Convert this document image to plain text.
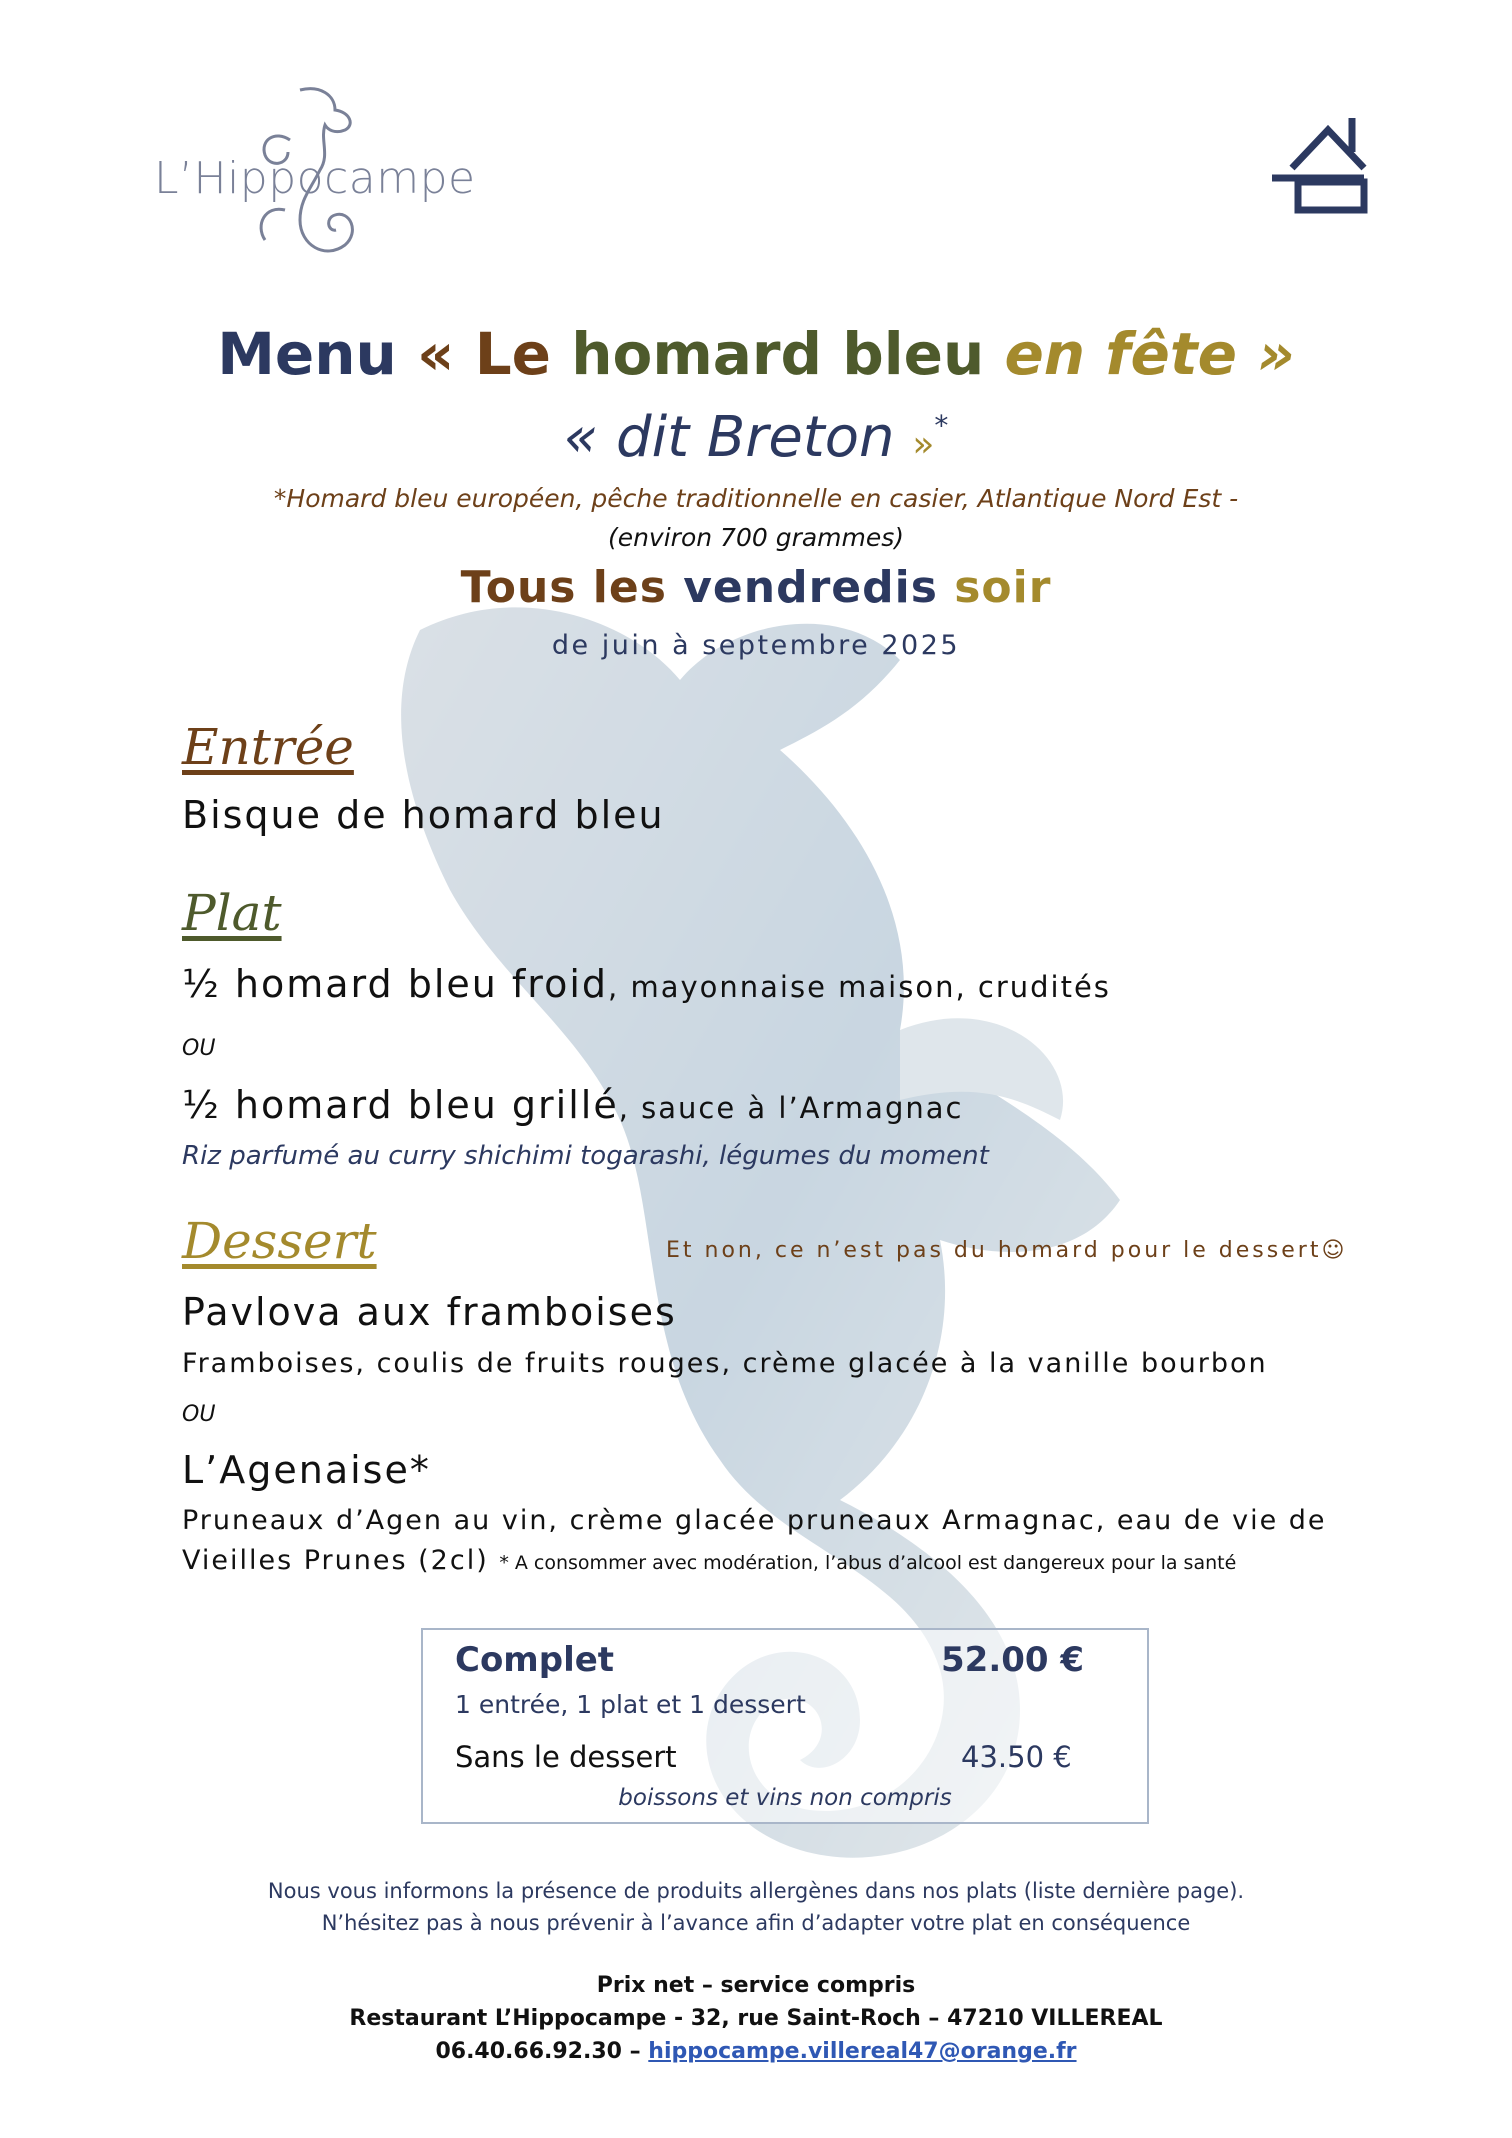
L’Hippocampe
Menu « Le homard bleu en fête »
« dit Breton »*
*Homard bleu européen, pêche traditionnelle en casier, Atlantique Nord Est -
(environ 700 grammes)
Tous les vendredis soir
de juin à septembre 2025
Entrée
Bisque de homard bleu
Plat
½ homard bleu froid, mayonnaise maison, crudités
OU
½ homard bleu grillé, sauce à l’Armagnac
Riz parfumé au curry shichimi togarashi, légumes du moment
Dessert	Et non, ce n’est pas du homard pour le dessert☺
Pavlova aux framboises
Framboises, coulis de fruits rouges, crème glacée à la vanille bourbon
OU
L’Agenaise*
Pruneaux d’Agen au vin, crème glacée pruneaux Armagnac, eau de vie de
Vieilles Prunes (2cl) * A consommer avec modération, l’abus d’alcool est dangereux pour la santé
Complet	52.00 €
1 entrée, 1 plat et 1 dessert
Sans le dessert	43.50 €
boissons et vins non compris
Nous vous informons la présence de produits allergènes dans nos plats (liste dernière page).
N’hésitez pas à nous prévenir à l’avance afin d’adapter votre plat en conséquence
Prix net – service compris
Restaurant L’Hippocampe - 32, rue Saint-Roch – 47210 VILLEREAL
06.40.66.92.30 – hippocampe.villereal47@orange.fr
